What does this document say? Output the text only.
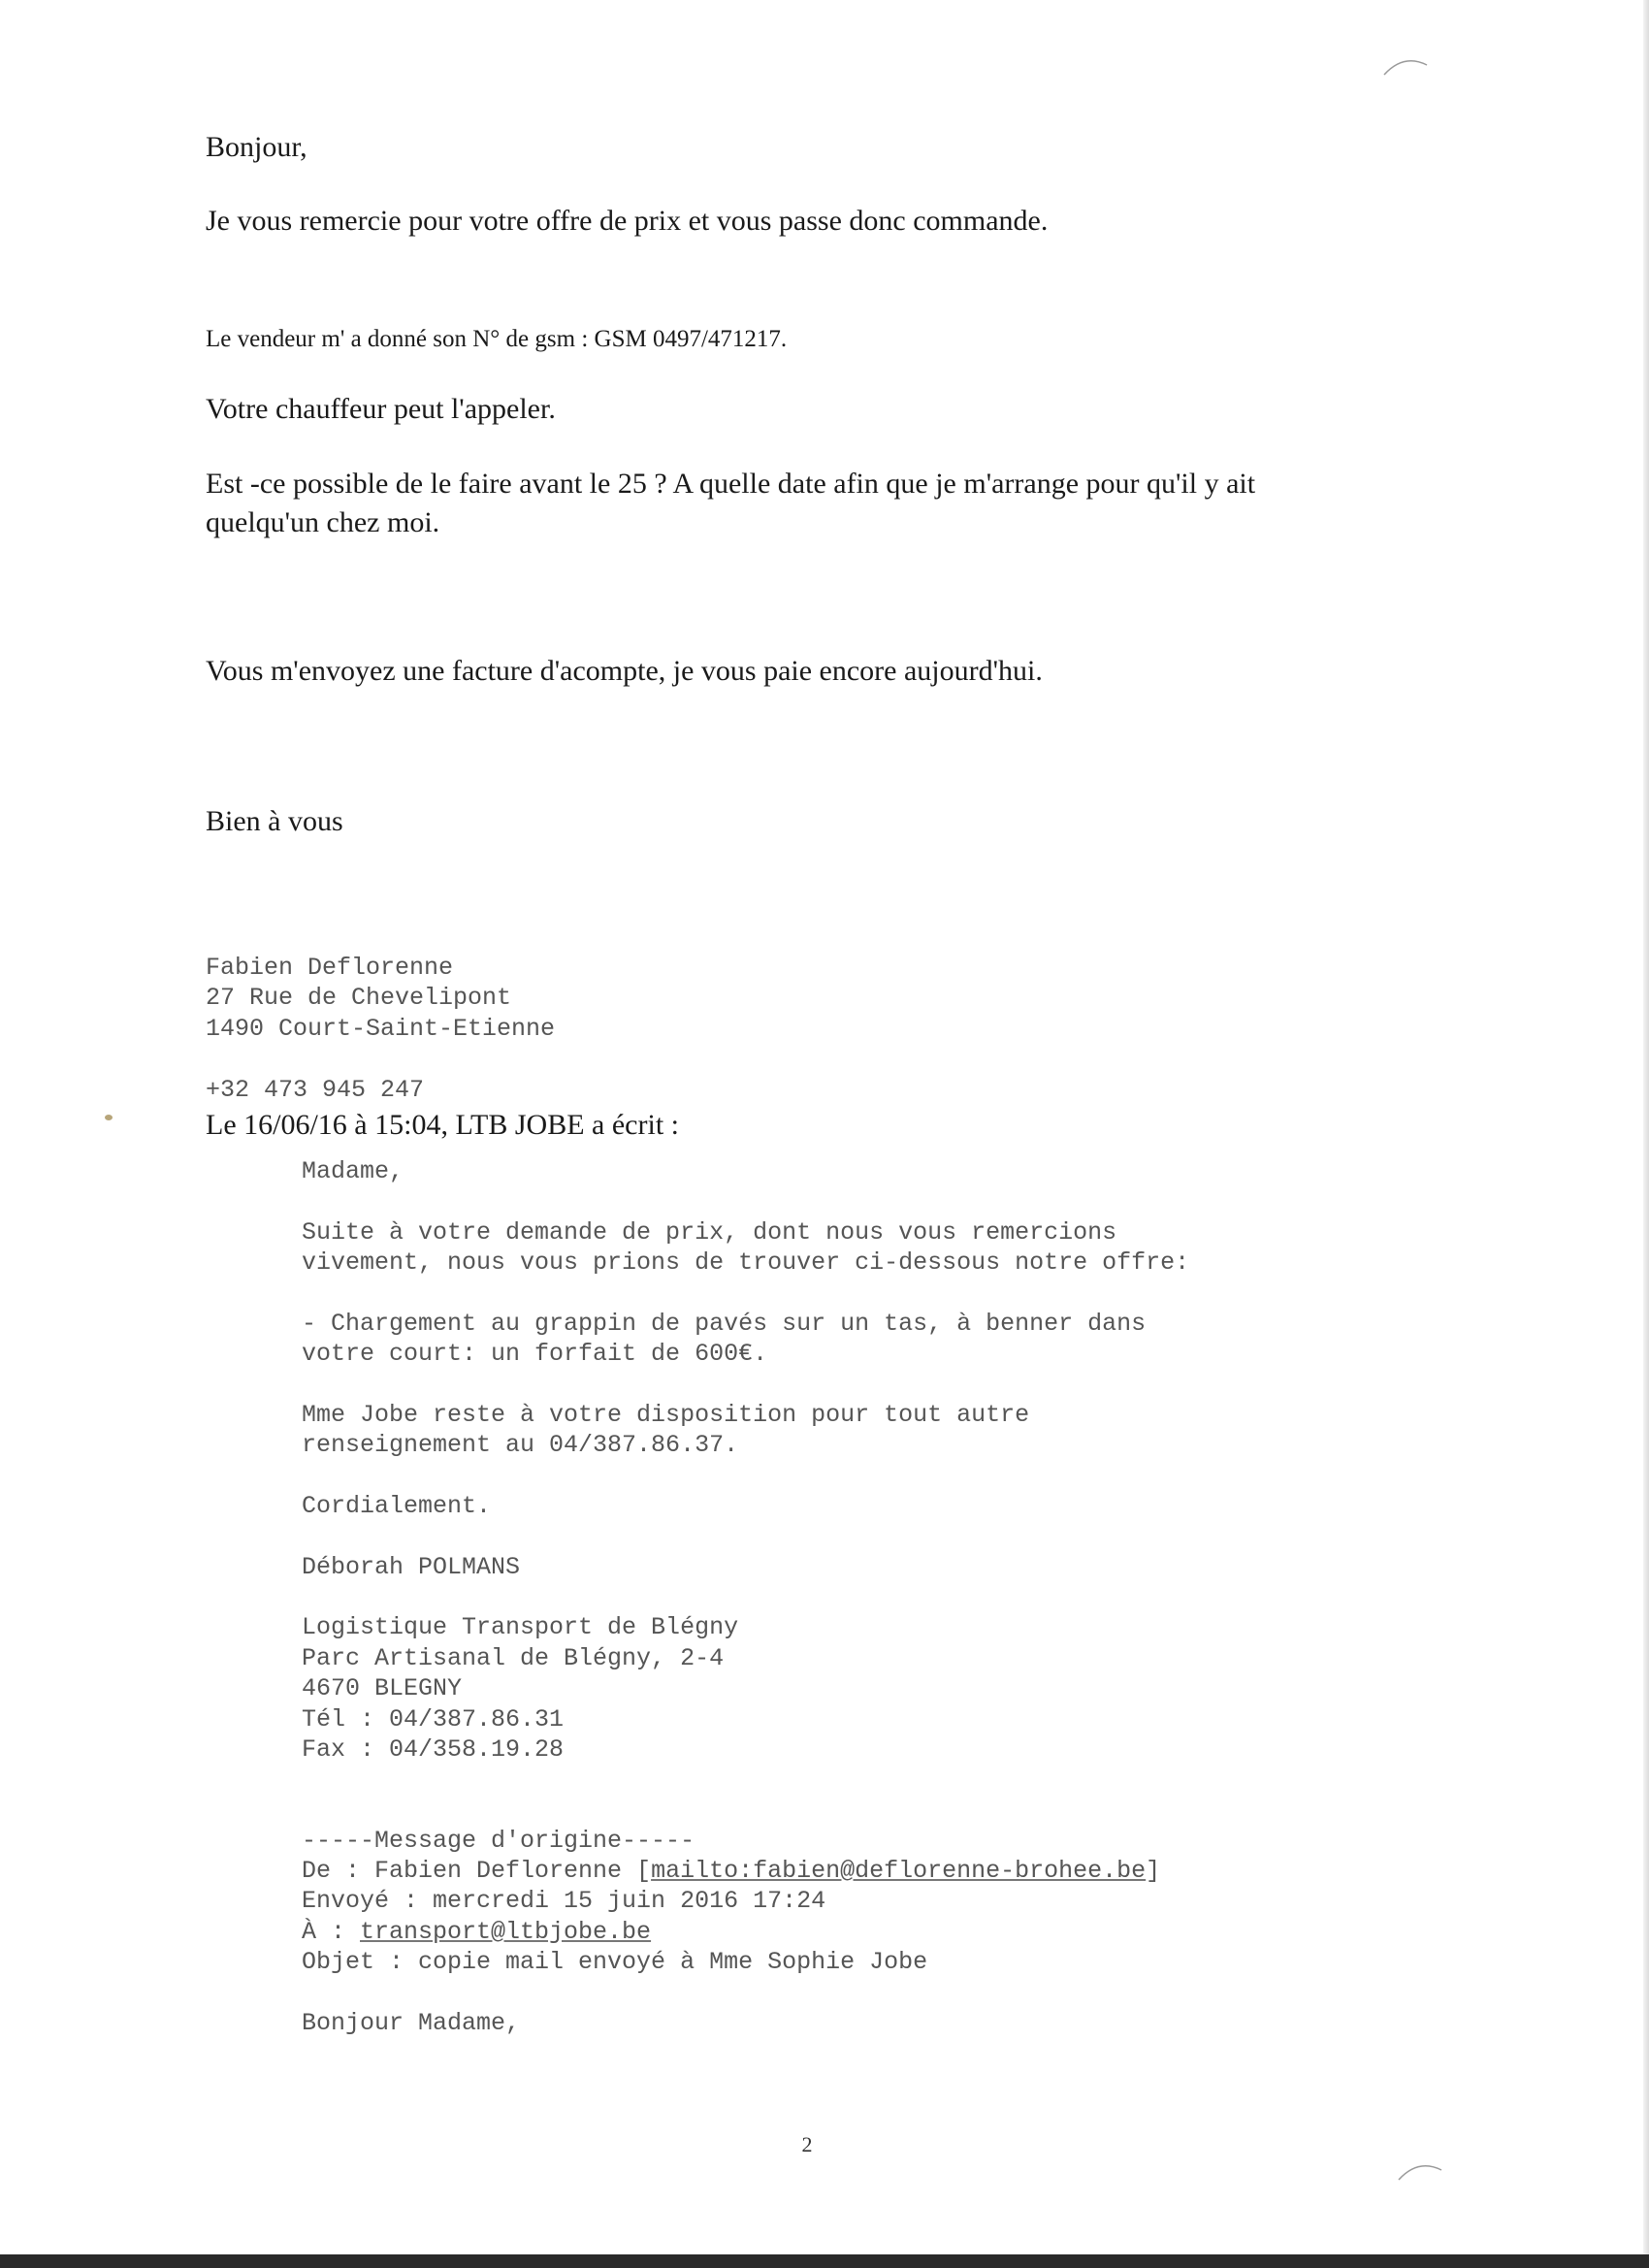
Bonjour,
Je vous remercie pour votre offre de prix et vous passe donc commande.
Le vendeur m' a donné son N° de gsm : GSM 0497/471217.
Votre chauffeur peut l'appeler.
Est -ce possible de le faire avant le 25 ? A quelle date afin que je m'arrange pour qu'il y ait
quelqu'un chez moi.
Vous m'envoyez une facture d'acompte, je vous paie encore aujourd'hui.
Bien à vous
Fabien Deflorenne
27 Rue de Chevelipont
1490 Court-Saint-Etienne
+32 473 945 247
Le 16/06/16 à 15:04, LTB JOBE a écrit :
Madame,
Suite à votre demande de prix, dont nous vous remercions
vivement, nous vous prions de trouver ci-dessous notre offre:
- Chargement au grappin de pavés sur un tas, à benner dans
votre court: un forfait de 600€.
Mme Jobe reste à votre disposition pour tout autre
renseignement au 04/387.86.37.
Cordialement.
Déborah POLMANS
Logistique Transport de Blégny
Parc Artisanal de Blégny, 2-4
4670 BLEGNY
Tél : 04/387.86.31
Fax : 04/358.19.28
-----Message d'origine-----
De : Fabien Deflorenne [mailto:fabien@deflorenne-brohee.be]
Envoyé : mercredi 15 juin 2016 17:24
À : transport@ltbjobe.be
Objet : copie mail envoyé à Mme Sophie Jobe
Bonjour Madame,
2
